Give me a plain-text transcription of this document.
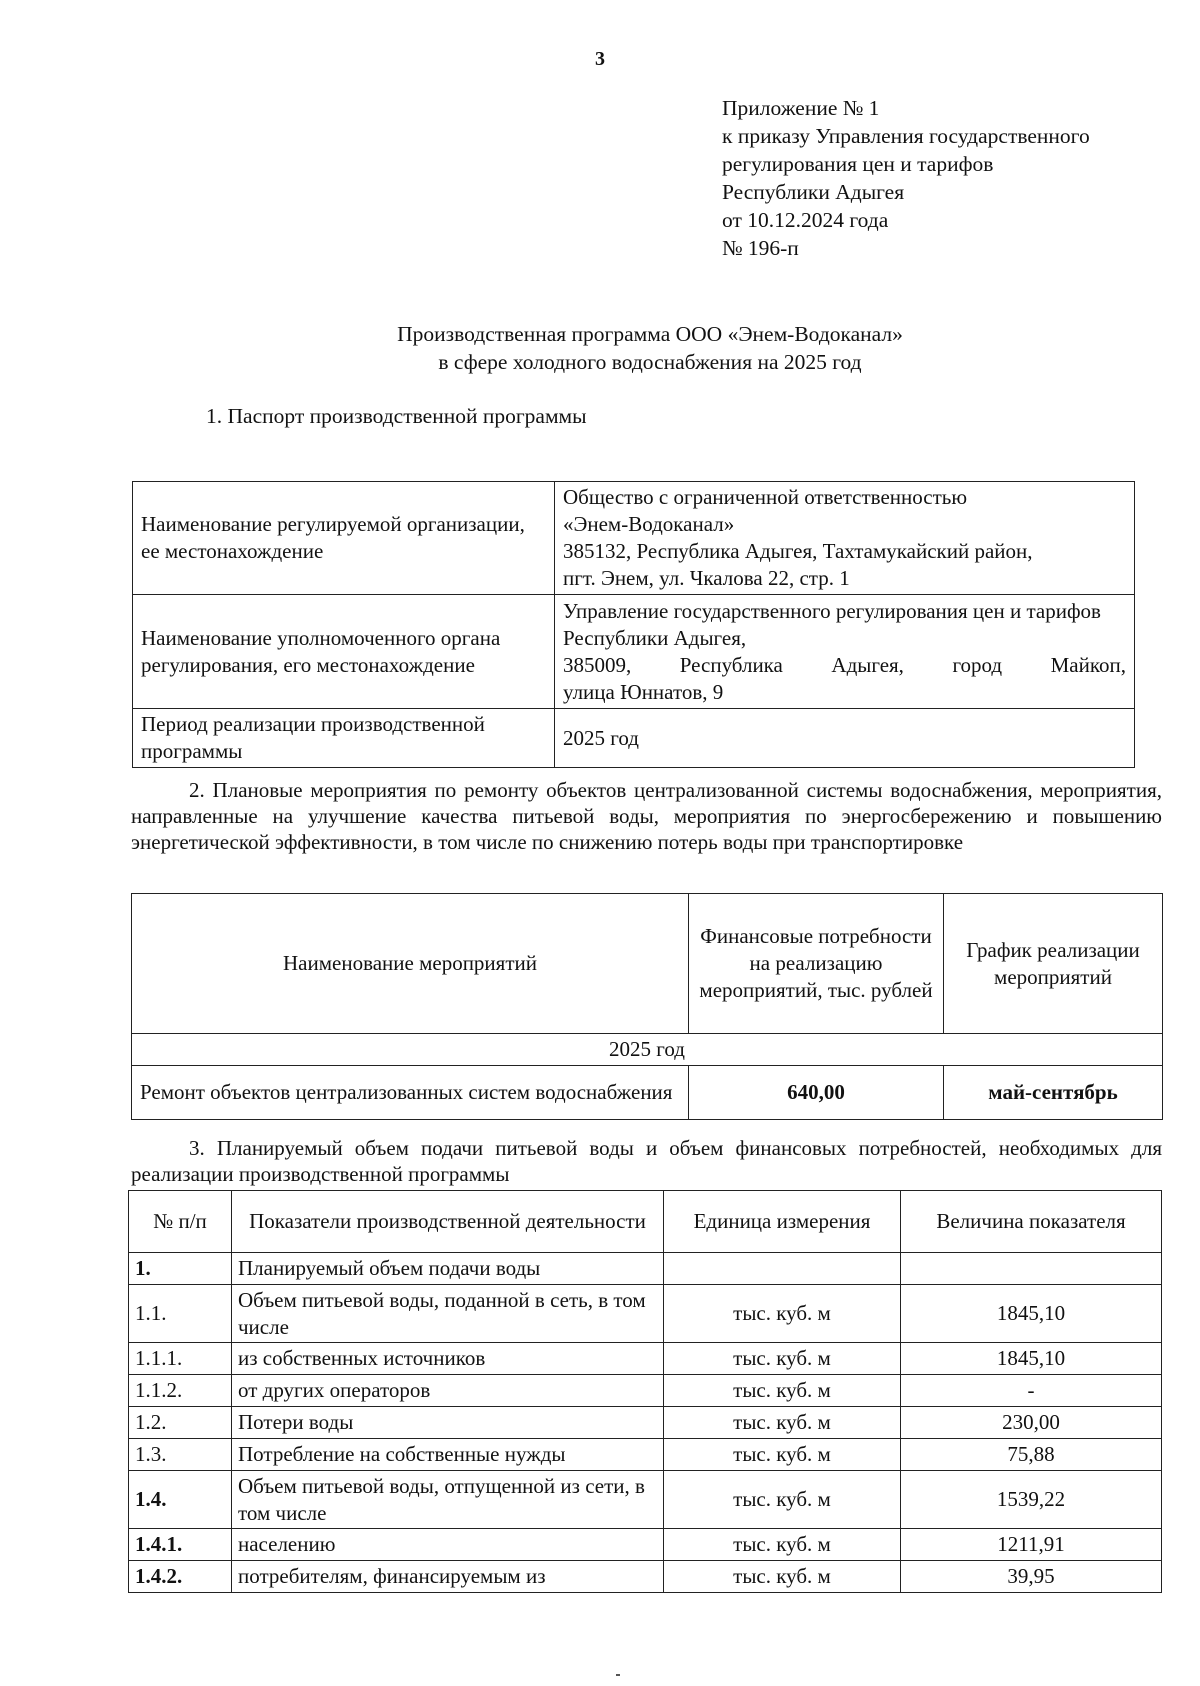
3
Приложение № 1
к приказу Управления государственного
регулирования цен и тарифов
Республики Адыгея
от 10.12.2024 года
№ 196-п
Производственная программа ООО «Энем-Водоканал»
в сфере холодного водоснабжения на 2025 год
1. Паспорт производственной программы
Наименование регулируемой организации, ее местонахождение	Общество с ограниченной ответственностью
«Энем-Водоканал»
385132, Республика Адыгея, Тахтамукайский район,
пгт. Энем, ул. Чкалова 22, стр. 1

Наименование уполномоченного органа регулирования, его местонахождение	Управление государственного регулирования цен и тарифов Республики Адыгея,
385009, Республика Адыгея, город Майкоп,
улица Юннатов, 9

Период реализации производственной программы	2025 год
2. Плановые мероприятия по ремонту объектов централизованной системы водоснабжения, мероприятия, направленные на улучшение качества питьевой воды, мероприятия по энергосбережению и повышению энергетической эффективности, в том числе по снижению потерь воды при транспортировке
Наименование мероприятий	Финансовые потребности на реализацию мероприятий, тыс. рублей	График реализации мероприятий
2025 год		
Ремонт объектов централизованных систем водоснабжения	640,00	май-сентябрь
3. Планируемый объем подачи питьевой воды и объем финансовых потребностей, необходимых для реализации производственной программы
№ п/п	Показатели производственной деятельности	Единица измерения	Величина показателя
1.	Планируемый объем подачи воды		
1.1.	Объем питьевой воды, поданной в сеть, в том числе	тыс. куб. м	1845,10
1.1.1.	из собственных источников	тыс. куб. м	1845,10
1.1.2.	от других операторов	тыс. куб. м	-
1.2.	Потери воды	тыс. куб. м	230,00
1.3.	Потребление на собственные нужды	тыс. куб. м	75,88
1.4.	Объем питьевой воды, отпущенной из сети, в том числе	тыс. куб. м	1539,22
1.4.1.	населению	тыс. куб. м	1211,91
1.4.2.	потребителям, финансируемым из	тыс. куб. м	39,95
